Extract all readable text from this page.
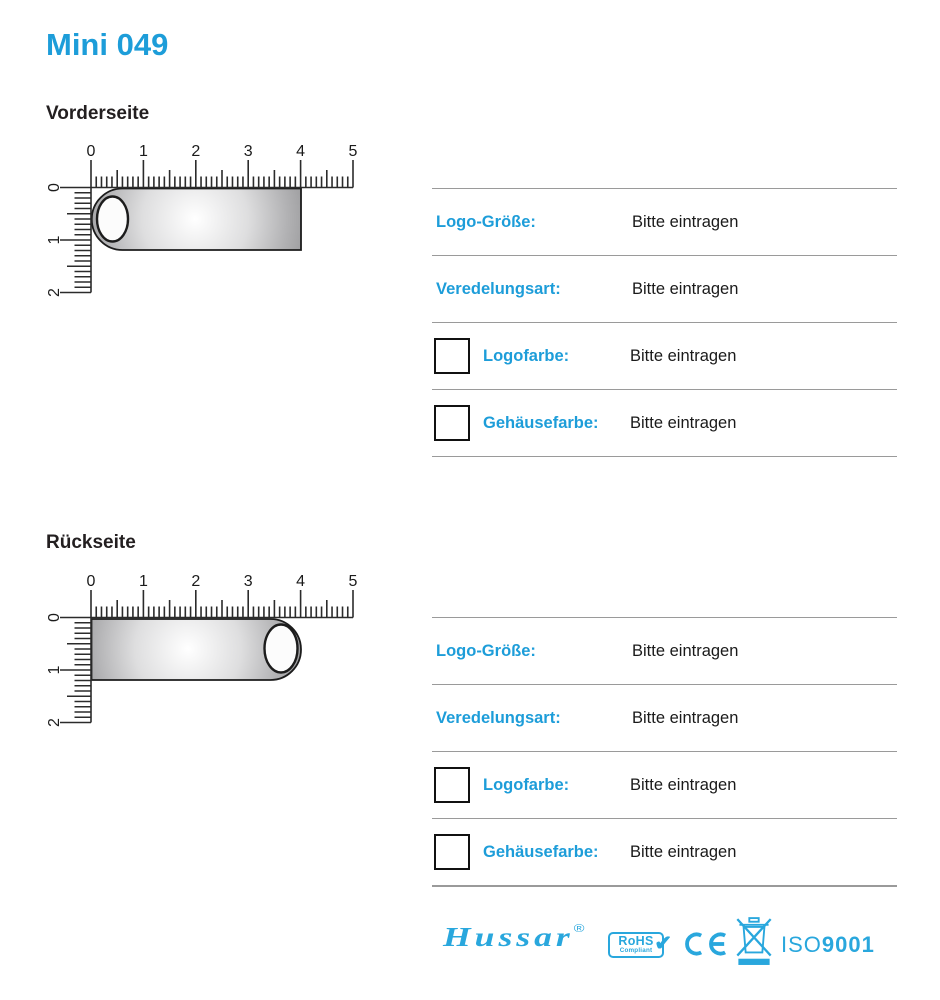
Mini 049
Vorderseite
0	1	2	3	4	5
0
1
2
Logo-Größe:	Bitte eintragen
Veredelungsart:	Bitte eintragen
Logofarbe:	Bitte eintragen
Gehäusefarbe:	Bitte eintragen
Rückseite
0	1	2	3	4	5
0
1
2
Logo-Größe:	Bitte eintragen
Veredelungsart:	Bitte eintragen
Logofarbe:	Bitte eintragen
Gehäusefarbe:	Bitte eintragen
Hussar®
RoHS
Compliant ✔	ISO9001
